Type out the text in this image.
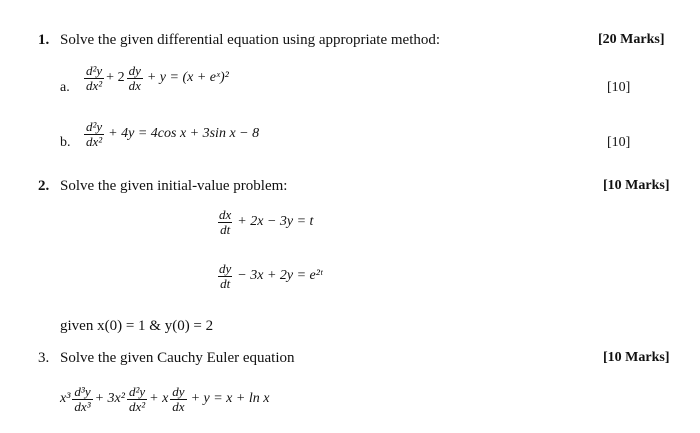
1. Solve the given differential equation using appropriate method:	[20 Marks]
a. $\frac{\text{d²y}}{\text{dx²}} + 2 \frac{dy}{dx} + y = (x$ + eˣ)²
[10]
b. $\frac{\text{d²y}}{\text{dx²}} + 4y = 4\cos$ x + 3sin x − 8
[10]
2. Solve the given initial-value problem:	[10 Marks]
$\frac{dx}{dt} + 2x - 3y = t$
$\frac{dy}{dt} - 3x + 2y$ = e²ᵗ
given x(0) = 1 & y(0) = 2
3. Solve the given Cauchy Euler equation	[10 Marks]
$x^3 \frac{\text{d³y}}{\text{dx³}} + 3x^2 \frac{\text{d²y}}{\text{dx²}} + x \frac{dy}{dx} + y = x + \ln x$
